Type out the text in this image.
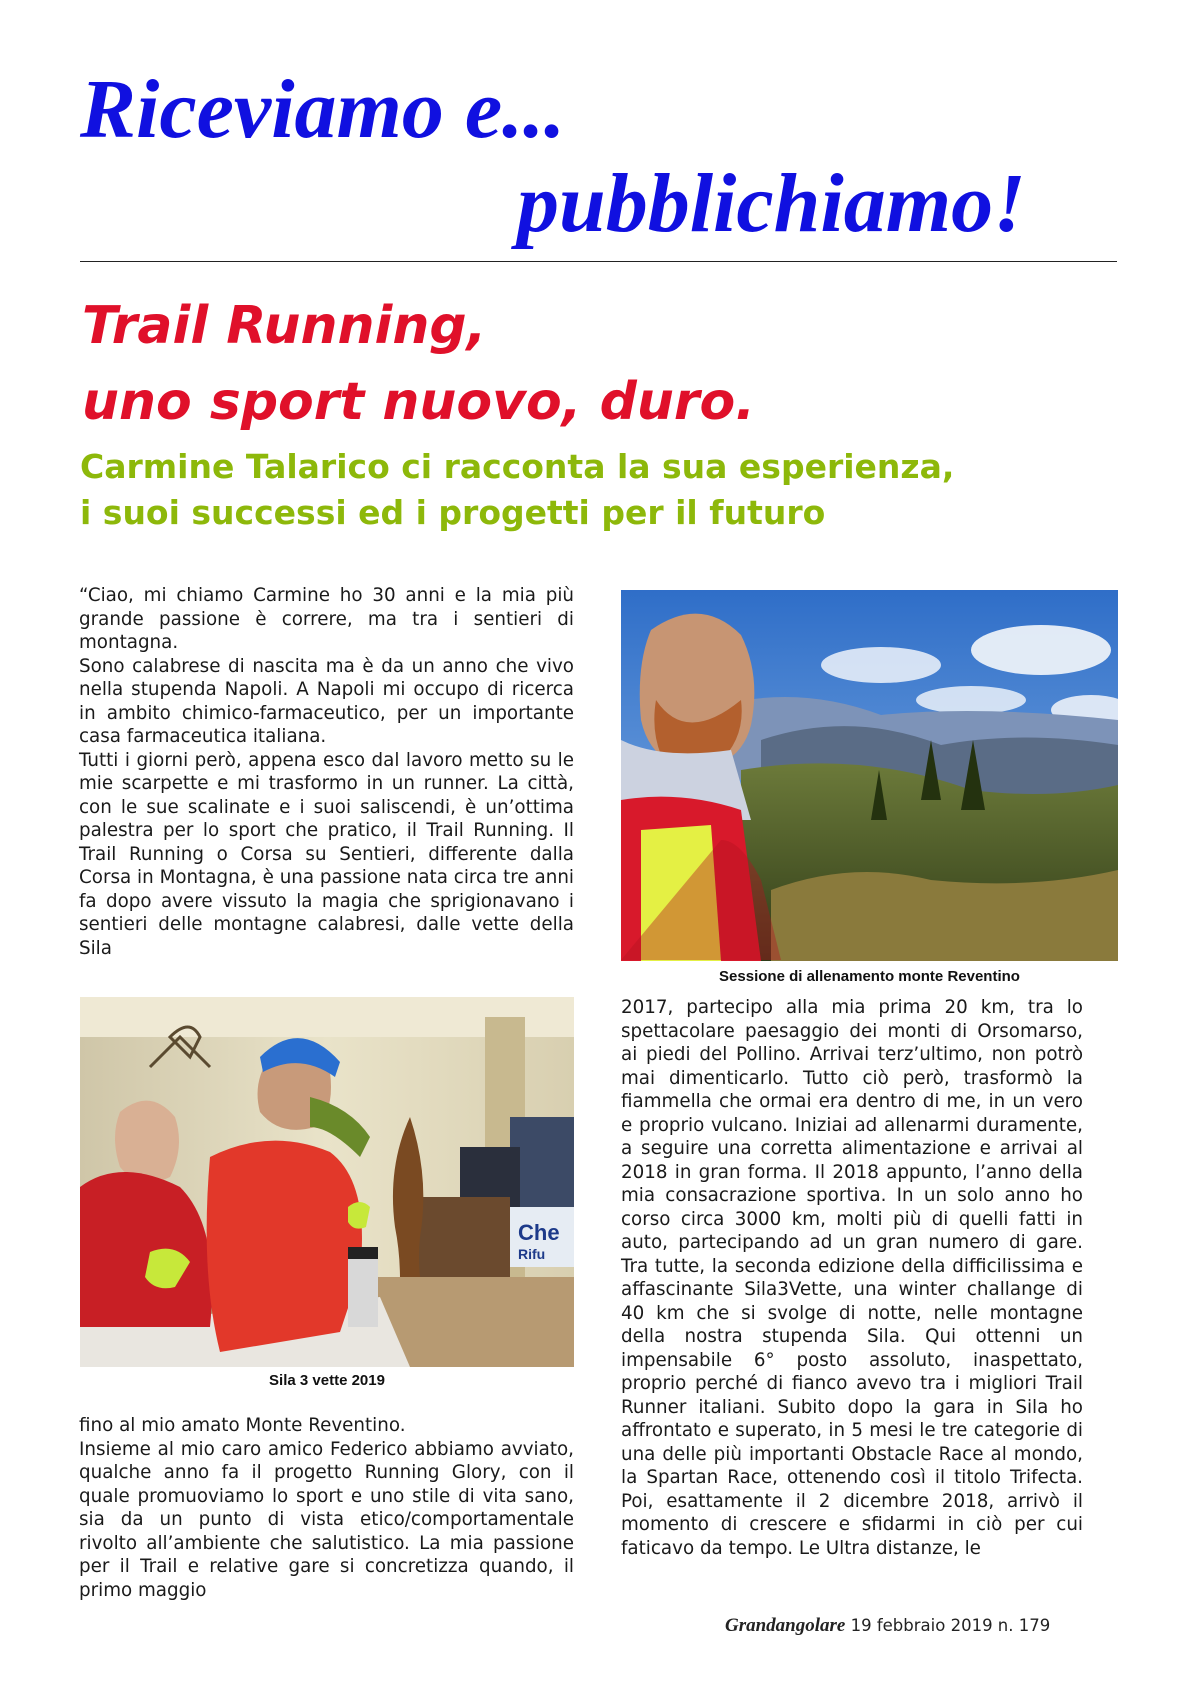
Riceviamo e...
pubblichiamo!
Trail Running,
uno sport nuovo, duro.
Carmine Talarico ci racconta la sua esperienza,
i suoi successi ed i progetti per il futuro

“Ciao, mi chiamo Carmine ho 30 anni e la mia più grande passione è correre, ma tra i sentieri di montagna.

Sono calabrese di nascita ma è da un anno che vivo nella stupenda Napoli. A Napoli mi occupo di ricerca in ambito chimico-farmaceutico, per un importante casa farmaceutica italiana.

Tutti i giorni però, appena esco dal lavoro metto su le mie scarpette e mi trasformo in un runner. La città, con le sue scalinate e i suoi saliscendi, è un’ottima palestra per lo sport che pratico, il Trail Running. Il Trail Running o Corsa su Sentieri, differente dalla Corsa in Montagna, è una passione nata circa tre anni fa dopo avere vissuto la magia che sprigionavano i sentieri delle montagne calabresi, dalle vette della Sila

Che
Rifu
Sila 3 vette 2019

fino al mio amato Monte Reventino.

Insieme al mio caro amico Federico abbiamo avviato, qualche anno fa il progetto Running Glory, con il quale promuoviamo lo sport e uno stile di vita sano, sia da un punto di vista etico/comportamentale rivolto all’ambiente che salutistico. La mia passione per il Trail e relative gare si concretizza quando, il primo maggio

Sessione di allenamento monte Reventino

2017, partecipo alla mia prima 20 km, tra lo spettacolare paesaggio dei monti di Orsomarso, ai piedi del Pollino. Arrivai terz’ultimo, non potrò mai dimenticarlo. Tutto ciò però, trasformò la fiammella che ormai era dentro di me, in un vero e proprio vulcano. Iniziai ad allenarmi duramente, a seguire una corretta alimentazione e arrivai al 2018 in gran forma. Il 2018 appunto, l’anno della mia consacrazione sportiva. In un solo anno ho corso circa 3000 km, molti più di quelli fatti in auto, partecipando ad un gran numero di gare. Tra tutte, la seconda edizione della difficilissima e affascinante Sila3Vette, una winter challange di 40 km che si svolge di notte, nelle montagne della nostra stupenda Sila. Qui ottenni un impensabile 6° posto assoluto, inaspettato, proprio perché di fianco avevo tra i migliori Trail Runner italiani. Subito dopo la gara in Sila ho affrontato e superato, in 5 mesi le tre categorie di una delle più importanti Obstacle Race al mondo, la Spartan Race, ottenendo così il titolo Trifecta. Poi, esattamente il 2 dicembre 2018, arrivò il momento di crescere e sfidarmi in ciò per cui faticavo da tempo. Le Ultra distanze, le

Grandangolare 19 febbraio 2019 n. 179
